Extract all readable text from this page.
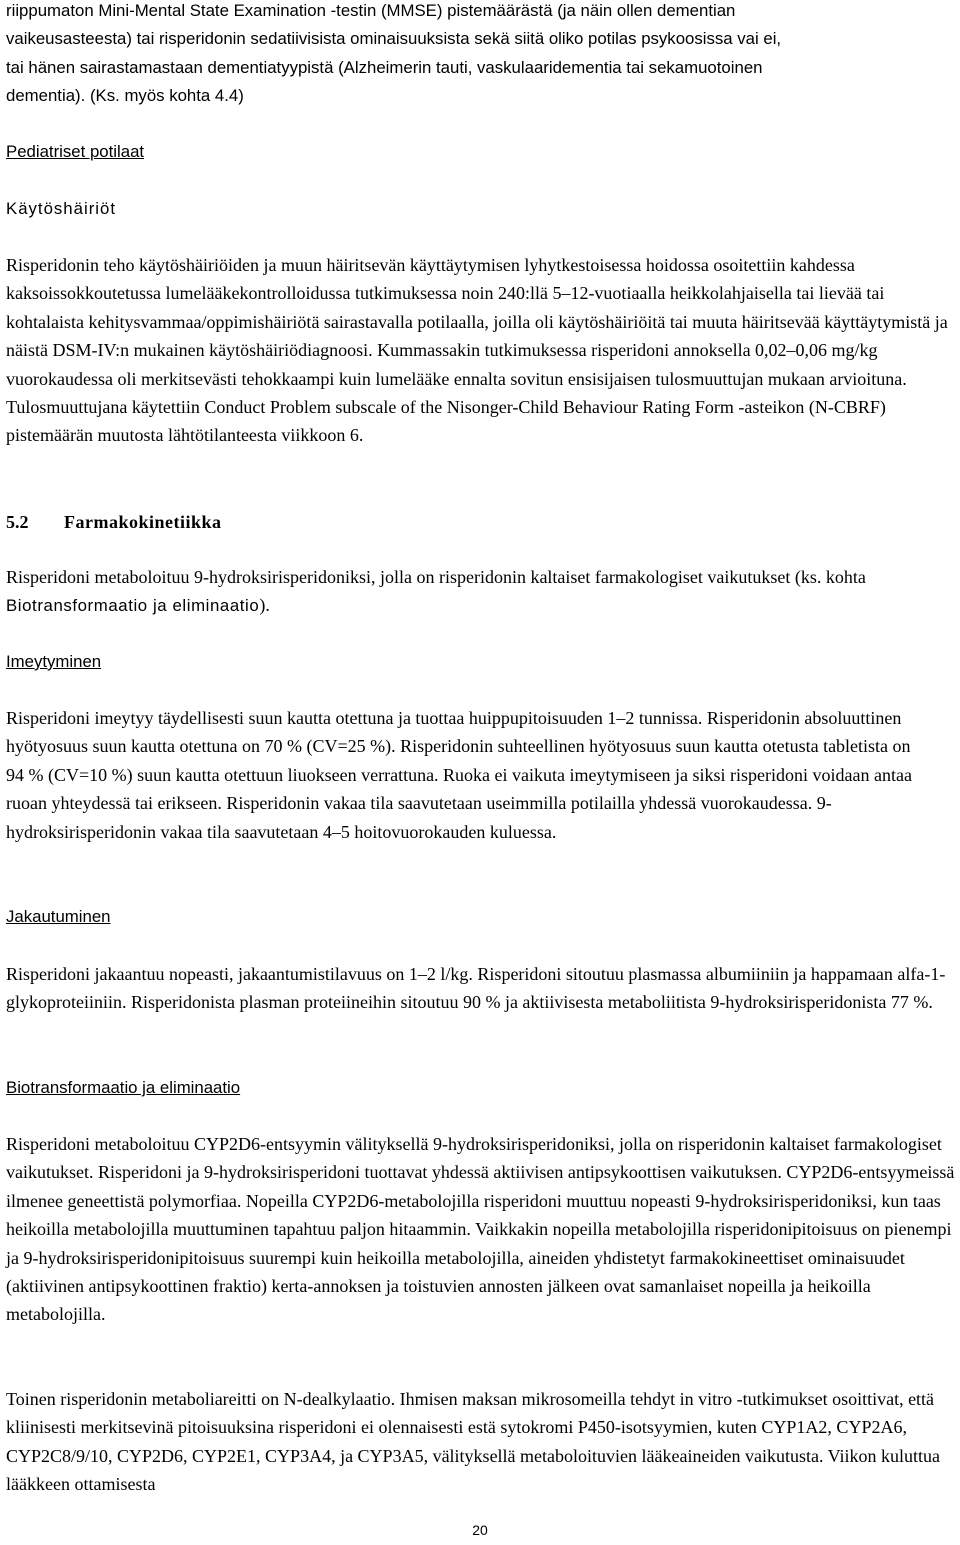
riippumaton Mini-Mental State Examination -testin (MMSE) pistemäärästä (ja näin ollen dementian

vaikeusasteesta) tai risperidonin sedatiivisista ominaisuuksista sekä siitä oliko potilas psykoosissa vai ei,

tai hänen sairastamastaan dementiatyypistä (Alzheimerin tauti, vaskulaaridementia tai sekamuotoinen

dementia). (Ks. myös kohta 4.4)

Pediatriset potilaat

Käytöshäiriöt

Risperidonin teho käytöshäiriöiden ja muun häiritsevän käyttäytymisen lyhytkestoisessa hoidossa osoitettiin kahdessa kaksoissokkoutetussa lumelääkekontrolloidussa tutkimuksessa noin 240:llä 5–12-vuotiaalla heikkolahjaisella tai lievää tai kohtalaista kehitysvammaa/oppimishäiriötä sairastavalla potilaalla, joilla oli käytöshäiriöitä tai muuta häiritsevää käyttäytymistä ja näistä DSM-IV:n mukainen käytöshäiriödiagnoosi. Kummassakin tutkimuksessa risperidoni annoksella 0,02–0,06 mg/kg vuorokaudessa oli merkitsevästi tehokkaampi kuin lumelääke ennalta sovitun ensisijaisen tulosmuuttujan mukaan arvioituna. Tulosmuuttujana käytettiin Conduct Problem subscale of the Nisonger-Child Behaviour Rating Form -asteikon (N-CBRF) pistemäärän muutosta lähtötilanteesta viikkoon 6.

5.2 Farmakokinetiikka

Risperidoni metaboloituu 9-hydroksirisperidoniksi, jolla on risperidonin kaltaiset farmakologiset vaikutukset (ks. kohta Biotransformaatio ja eliminaatio).

Imeytyminen

Risperidoni imeytyy täydellisesti suun kautta otettuna ja tuottaa huippupitoisuuden 1–2 tunnissa. Risperidonin absoluuttinen hyötyosuus suun kautta otettuna on 70 % (CV=25 %). Risperidonin suhteellinen hyötyosuus suun kautta otetusta tabletista on 94 % (CV=10 %) suun kautta otettuun liuokseen verrattuna. Ruoka ei vaikuta imeytymiseen ja siksi risperidoni voidaan antaa ruoan yhteydessä tai erikseen. Risperidonin vakaa tila saavutetaan useimmilla potilailla yhdessä vuorokaudessa. 9-hydroksirisperidonin vakaa tila saavutetaan 4–5 hoitovuorokauden kuluessa.

Jakautuminen

Risperidoni jakaantuu nopeasti, jakaantumistilavuus on 1–2 l/kg. Risperidoni sitoutuu plasmassa albumiiniin ja happamaan alfa-1-glykoproteiiniin. Risperidonista plasman proteiineihin sitoutuu 90 % ja aktiivisesta metaboliitista 9-hydroksirisperidonista 77 %.

Biotransformaatio ja eliminaatio

Risperidoni metaboloituu CYP2D6-entsyymin välityksellä 9-hydroksirisperidoniksi, jolla on risperidonin kaltaiset farmakologiset vaikutukset. Risperidoni ja 9-hydroksirisperidoni tuottavat yhdessä aktiivisen antipsykoottisen vaikutuksen. CYP2D6-entsyymeissä ilmenee geneettistä polymorfiaa. Nopeilla CYP2D6-metabolojilla risperidoni muuttuu nopeasti 9-hydroksirisperidoniksi, kun taas heikoilla metabolojilla muuttuminen tapahtuu paljon hitaammin. Vaikkakin nopeilla metabolojilla risperidonipitoisuus on pienempi ja 9-hydroksirisperidonipitoisuus suurempi kuin heikoilla metabolojilla, aineiden yhdistetyt farmakokineettiset ominaisuudet (aktiivinen antipsykoottinen fraktio) kerta-annoksen ja toistuvien annosten jälkeen ovat samanlaiset nopeilla ja heikoilla metabolojilla.

Toinen risperidonin metaboliareitti on N-dealkylaatio. Ihmisen maksan mikrosomeilla tehdyt in vitro -tutkimukset osoittivat, että kliinisesti merkitsevinä pitoisuuksina risperidoni ei olennaisesti estä sytokromi P450-isotsyymien, kuten CYP1A2, CYP2A6, CYP2C8/9/10, CYP2D6, CYP2E1, CYP3A4, ja CYP3A5, välityksellä metaboloituvien lääkeaineiden vaikutusta. Viikon kuluttua lääkkeen ottamisesta

20
